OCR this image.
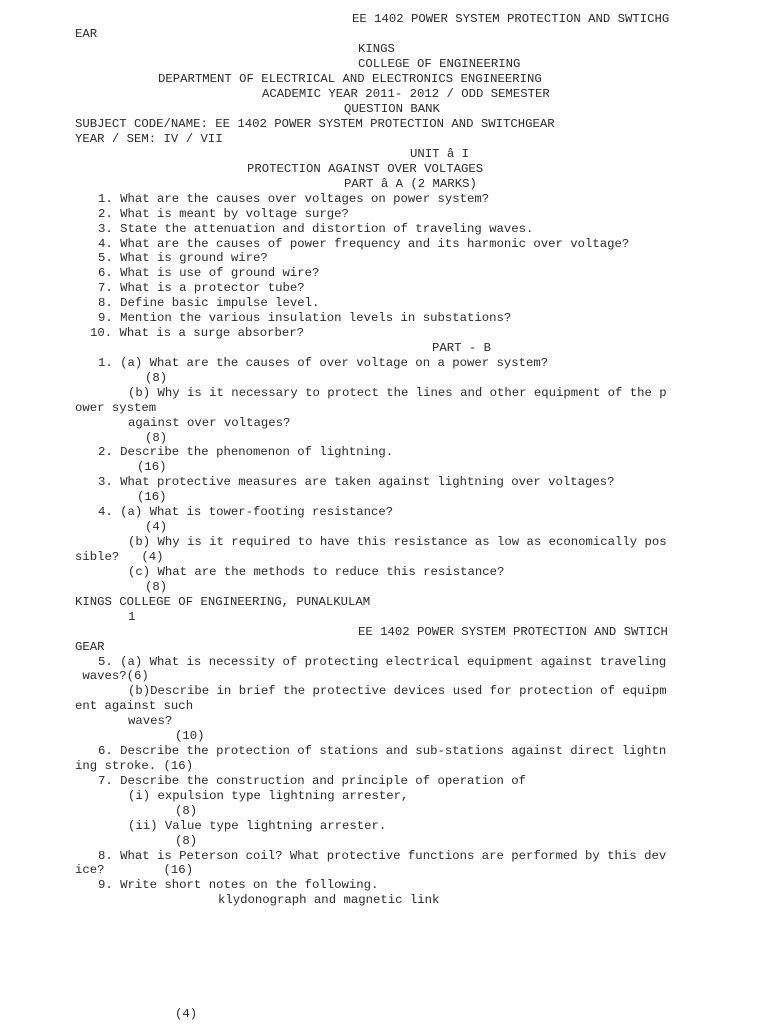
EE 1402 POWER SYSTEM PROTECTION AND SWTICHG
EAR
KINGS
COLLEGE OF ENGINEERING
DEPARTMENT OF ELECTRICAL AND ELECTRONICS ENGINEERING
ACADEMIC YEAR 2011- 2012 / ODD SEMESTER
QUESTION BANK
SUBJECT CODE/NAME: EE 1402 POWER SYSTEM PROTECTION AND SWITCHGEAR
YEAR / SEM: IV / VII
UNIT â I
PROTECTION AGAINST OVER VOLTAGES
PART â A (2 MARKS)
1. What are the causes over voltages on power system?
2. What is meant by voltage surge?
3. State the attenuation and distortion of traveling waves.
4. What are the causes of power frequency and its harmonic over voltage?
5. What is ground wire?
6. What is use of ground wire?
7. What is a protector tube?
8. Define basic impulse level.
9. Mention the various insulation levels in substations?
10. What is a surge absorber?
PART - B
1. (a) What are the causes of over voltage on a power system?
(8)
(b) Why is it necessary to protect the lines and other equipment of the p
ower system
against over voltages?
(8)
2. Describe the phenomenon of lightning.
(16)
3. What protective measures are taken against lightning over voltages?
(16)
4. (a) What is tower-footing resistance?
(4)
(b) Why is it required to have this resistance as low as economically pos
sible?   (4)
(c) What are the methods to reduce this resistance?
(8)
KINGS COLLEGE OF ENGINEERING, PUNALKULAM
1
EE 1402 POWER SYSTEM PROTECTION AND SWTICH
GEAR
5. (a) What is necessity of protecting electrical equipment against traveling
waves?(6)
(b)Describe in brief the protective devices used for protection of equipm
ent against such
waves?
(10)
6. Describe the protection of stations and sub-stations against direct lightn
ing stroke. (16)
7. Describe the construction and principle of operation of
(i) expulsion type lightning arrester,
(8)
(ii) Value type lightning arrester.
(8)
8. What is Peterson coil? What protective functions are performed by this dev
ice?        (16)
9. Write short notes on the following.
klydonograph and magnetic link
(4)
